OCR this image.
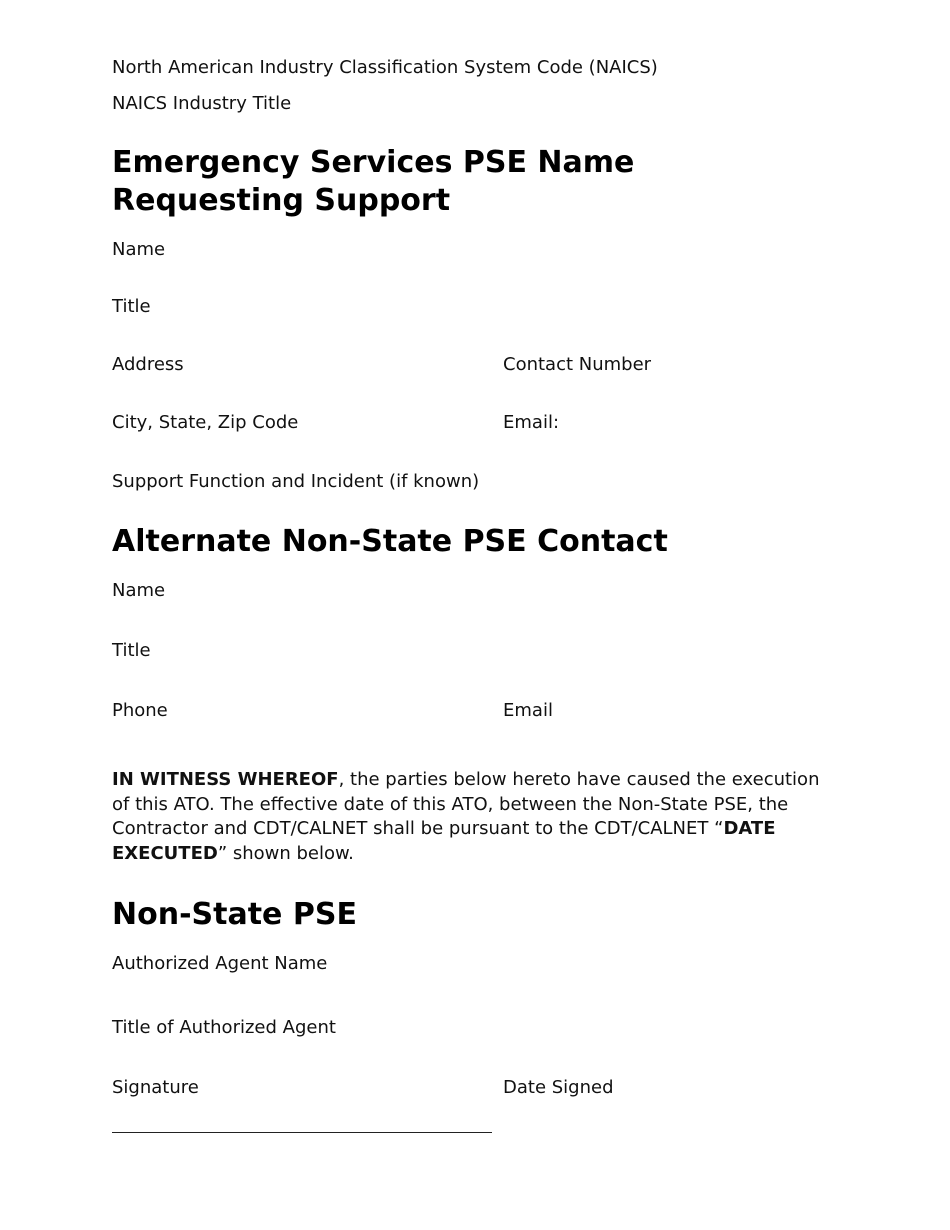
North American Industry Classification System Code (NAICS)
NAICS Industry Title
Emergency Services PSE Name
Requesting Support
Name
Title
Address	Contact Number
City, State, Zip Code	Email:
Support Function and Incident (if known)
Alternate Non-State PSE Contact
Name
Title
Phone	Email
IN WITNESS WHEREOF, the parties below hereto have caused the execution of this ATO. The effective date of this ATO, between the Non-State PSE, the Contractor and CDT/CALNET shall be pursuant to the CDT/CALNET “DATE EXECUTED” shown below.
Non-State PSE
Authorized Agent Name
Title of Authorized Agent
Signature	Date Signed
